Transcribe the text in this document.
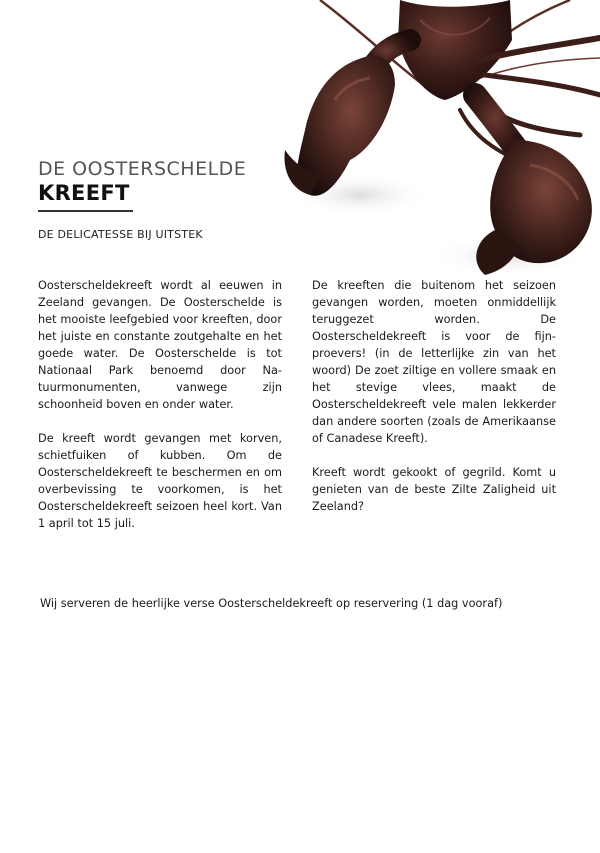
DE OOSTERSCHELDE
KREEFT
DE DELICATESSE BIJ UITSTEK

Oosterscheldekreeft wordt al eeuwen in Zeeland gevangen. De Oosterschelde is het mooiste leefgebied voor kreeften, door het juiste en constante zoutgehalte en het goede water. De Oosterschelde is tot Nationaal Park benoemd door Natuurmonumenten, vanwege zijn schoonheid boven en onder water.

De kreeft wordt gevangen met korven, schietfuiken of kubben. Om de Oosterscheldekreeft te beschermen en om overbevissing te voorkomen, is het Oosterscheldekreeft seizoen heel kort. Van 1 april tot 15 juli.

De kreeften die buitenom het seizoen gevangen worden, moeten onmiddellijk teruggezet worden. De Oosterscheldekreeft is voor de fijnproevers! (in de letterlijke zin van het woord) De zoet ziltige en vollere smaak en het stevige vlees, maakt de Oosterscheldekreeft vele malen lekkerder dan andere soorten (zoals de Amerikaanse of Canadese Kreeft).

Kreeft wordt gekookt of gegrild. Komt u genieten van de beste Zilte Zaligheid uit Zeeland?

Wij serveren de heerlijke verse Oosterscheldekreeft op reservering (1 dag vooraf)
